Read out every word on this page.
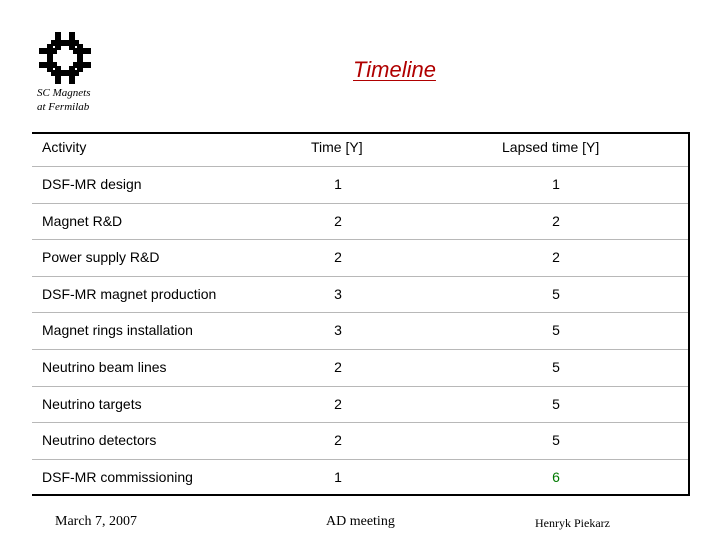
SC Magnets
at Fermilab
Timeline
Activity	Time [Y]	Lapsed time [Y]
DSF-MR design	1	1
Magnet R&D	2	2
Power supply R&D	2	2
DSF-MR magnet production	3	5
Magnet rings installation	3	5
Neutrino beam lines	2	5
Neutrino targets	2	5
Neutrino detectors	2	5
DSF-MR commissioning	1	6
March 7, 2007	AD meeting	Henryk Piekarz
